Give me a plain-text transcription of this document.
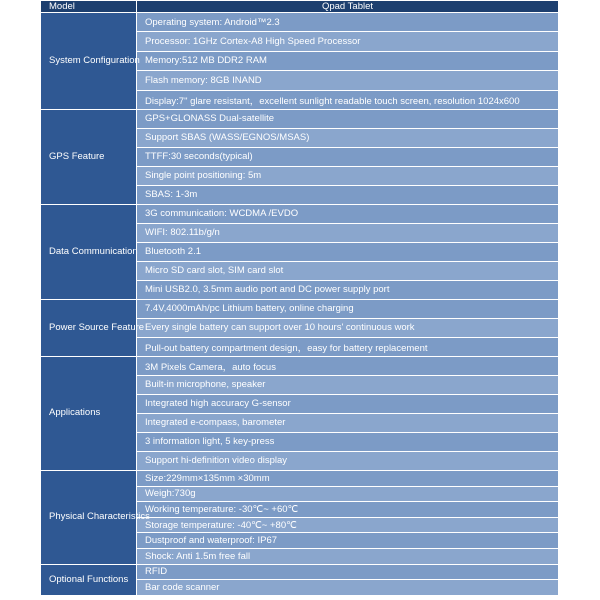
Model	Qpad Tablet
System Configuration	Operating system: Android™2.3
	Processor: 1GHz Cortex-A8 High Speed Processor
	Memory:512 MB DDR2 RAM
	Flash memory: 8GB INAND
	Display:7" glare resistant，excellent sunlight readable touch screen, resolution 1024x600
GPS Feature	GPS+GLONASS Dual-satellite
	Support SBAS (WASS/EGNOS/MSAS)
	TTFF:30 seconds(typical)
	Single point positioning: 5m
	SBAS: 1-3m
Data Communication	3G communication: WCDMA /EVDO
	WIFI: 802.11b/g/n
	Bluetooth 2.1
	Micro SD card slot, SIM card slot
	Mini USB2.0, 3.5mm audio port and DC power supply port
Power Source Feature	7.4V,4000mAh/pc Lithium battery, online charging
	Every single battery can support over 10 hours' continuous work
	Pull-out battery compartment design，easy for battery replacement
Applications	3M Pixels Camera，auto focus
	Built-in microphone, speaker
	Integrated high accuracy G-sensor
	Integrated e-compass, barometer
	3 information light, 5 key-press
	Support hi-definition video display
Physical Characteristics	Size:229mm×135mm ×30mm
	Weigh:730g
	Working temperature: -30℃~ +60℃
	Storage temperature: -40℃~ +80℃
	Dustproof and waterproof: IP67
	Shock: Anti 1.5m free fall
Optional Functions	RFID
	Bar code scanner
